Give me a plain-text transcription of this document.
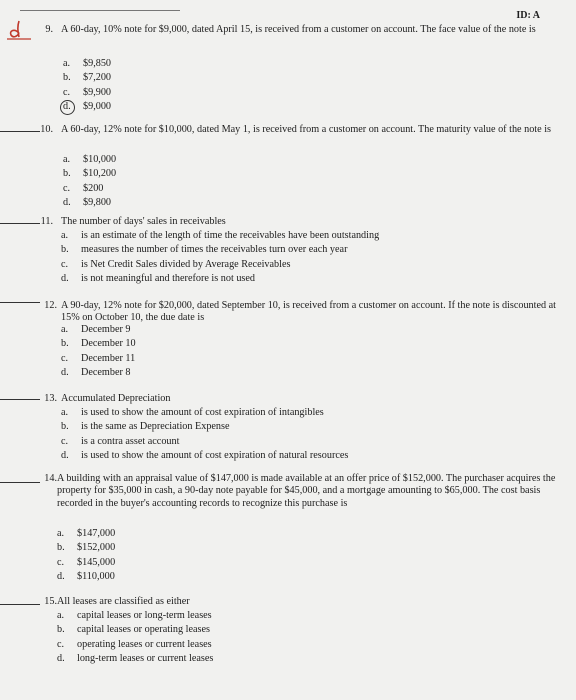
ID: A
9. A 60-day, 10% note for $9,000, dated April 15, is received from a customer on account. The face value of the note is
a. $9,850
b. $7,200
c. $9,900
d. $9,000
10. A 60-day, 12% note for $10,000, dated May 1, is received from a customer on account. The maturity value of the note is
a. $10,000
b. $10,200
c. $200
d. $9,800
11. The number of days' sales in receivables
a. is an estimate of the length of time the receivables have been outstanding
b. measures the number of times the receivables turn over each year
c. is Net Credit Sales divided by Average Receivables
d. is not meaningful and therefore is not used
12. A 90-day, 12% note for $20,000, dated September 10, is received from a customer on account. If the note is discounted at 15% on October 10, the due date is
a. December 9
b. December 10
c. December 11
d. December 8
13. Accumulated Depreciation
a. is used to show the amount of cost expiration of intangibles
b. is the same as Depreciation Expense
c. is a contra asset account
d. is used to show the amount of cost expiration of natural resources
14. A building with an appraisal value of $147,000 is made available at an offer price of $152,000. The purchaser acquires the property for $35,000 in cash, a 90-day note payable for $45,000, and a mortgage amounting to $65,000. The cost basis recorded in the buyer's accounting records to recognize this purchase is
a. $147,000
b. $152,000
c. $145,000
d. $110,000
15. All leases are classified as either
a. capital leases or long-term leases
b. capital leases or operating leases
c. operating leases or current leases
d. long-term leases or current leases
